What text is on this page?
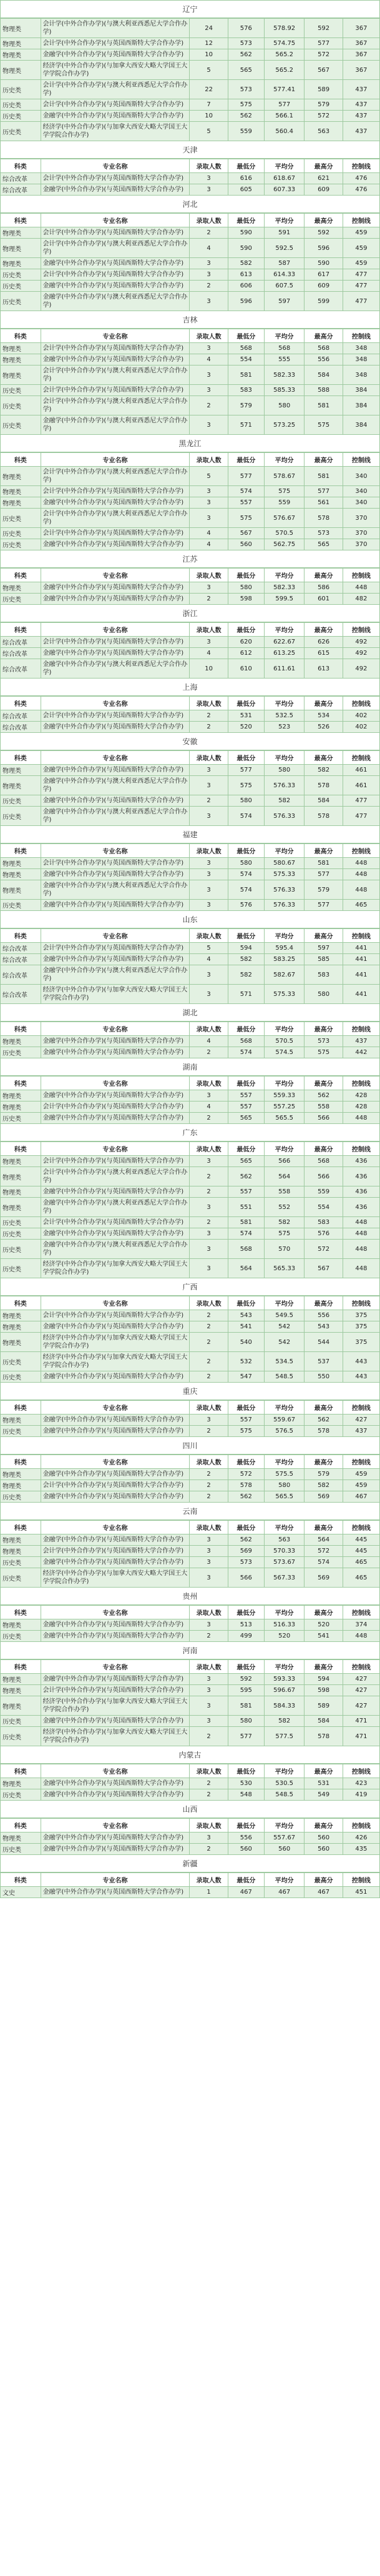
辽宁
物理类	会计学(中外合作办学)(与澳大利亚西悉尼大学合作办学)	24	576	578.92	592	367
物理类	会计学(中外合作办学)(与英国西斯特大学合作办学)	12	573	574.75	577	367
物理类	金融学(中外合作办学)(与英国西斯特大学合作办学)	10	562	565.2	572	367
物理类	经济学(中外合作办学)(与加拿大西安大略大学国王大学学院合作办学)	5	565	565.2	567	367
历史类	会计学(中外合作办学)(与澳大利亚西悉尼大学合作办学)	22	573	577.41	589	437
历史类	会计学(中外合作办学)(与英国西斯特大学合作办学)	7	575	577	579	437
历史类	金融学(中外合作办学)(与英国西斯特大学合作办学)	10	562	566.1	572	437
历史类	经济学(中外合作办学)(与加拿大西安大略大学国王大学学院合作办学)	5	559	560.4	563	437
天津
科类	专业名称	录取人数	最低分	平均分	最高分	控制线
综合改革	会计学(中外合作办学)(与英国西斯特大学合作办学)	3	616	618.67	621	476
综合改革	金融学(中外合作办学)(与英国西斯特大学合作办学)	3	605	607.33	609	476
河北
科类	专业名称	录取人数	最低分	平均分	最高分	控制线
物理类	会计学(中外合作办学)(与英国西斯特大学合作办学)	2	590	591	592	459
物理类	会计学(中外合作办学)(与澳大利亚西悉尼大学合作办学)	4	590	592.5	596	459
物理类	金融学(中外合作办学)(与英国西斯特大学合作办学)	3	582	587	590	459
历史类	会计学(中外合作办学)(与英国西斯特大学合作办学)	3	613	614.33	617	477
历史类	金融学(中外合作办学)(与英国西斯特大学合作办学)	2	606	607.5	609	477
历史类	金融学(中外合作办学)(与澳大利亚西悉尼大学合作办学)	3	596	597	599	477
吉林
科类	专业名称	录取人数	最低分	平均分	最高分	控制线
物理类	会计学(中外合作办学)(与英国西斯特大学合作办学)	3	568	568	568	348
物理类	金融学(中外合作办学)(与英国西斯特大学合作办学)	4	554	555	556	348
物理类	会计学(中外合作办学)(与澳大利亚西悉尼大学合作办学)	3	581	582.33	584	348
历史类	会计学(中外合作办学)(与英国西斯特大学合作办学)	3	583	585.33	588	384
历史类	会计学(中外合作办学)(与澳大利亚西悉尼大学合作办学)	2	579	580	581	384
历史类	金融学(中外合作办学)(与澳大利亚西悉尼大学合作办学)	3	571	573.25	575	384
黑龙江
科类	专业名称	录取人数	最低分	平均分	最高分	控制线
物理类	会计学(中外合作办学)(与澳大利亚西悉尼大学合作办学)	5	577	578.67	581	340
物理类	会计学(中外合作办学)(与英国西斯特大学合作办学)	3	574	575	577	340
物理类	金融学(中外合作办学)(与英国西斯特大学合作办学)	3	557	559	561	340
历史类	会计学(中外合作办学)(与澳大利亚西悉尼大学合作办学)	3	575	576.67	578	370
历史类	会计学(中外合作办学)(与英国西斯特大学合作办学)	4	567	570.5	573	370
历史类	金融学(中外合作办学)(与英国西斯特大学合作办学)	4	560	562.75	565	370
江苏
科类	专业名称	录取人数	最低分	平均分	最高分	控制线
物理类	金融学(中外合作办学)(与英国西斯特大学合作办学)	3	580	582.33	586	448
历史类	金融学(中外合作办学)(与英国西斯特大学合作办学)	2	598	599.5	601	482
浙江
科类	专业名称	录取人数	最低分	平均分	最高分	控制线
综合改革	会计学(中外合作办学)(与英国西斯特大学合作办学)	3	620	622.67	626	492
综合改革	金融学(中外合作办学)(与英国西斯特大学合作办学)	4	612	613.25	615	492
综合改革	金融学(中外合作办学)(与澳大利亚西悉尼大学合作办学)	10	610	611.61	613	492
上海
科类	专业名称	录取人数	最低分	平均分	最高分	控制线
综合改革	会计学(中外合作办学)(与英国西斯特大学合作办学)	2	531	532.5	534	402
综合改革	金融学(中外合作办学)(与英国西斯特大学合作办学)	2	520	523	526	402
安徽
科类	专业名称	录取人数	最低分	平均分	最高分	控制线
物理类	金融学(中外合作办学)(与英国西斯特大学合作办学)	3	577	580	582	461
物理类	金融学(中外合作办学)(与澳大利亚西悉尼大学合作办学)	3	575	576.33	578	461
历史类	金融学(中外合作办学)(与英国西斯特大学合作办学)	2	580	582	584	477
历史类	金融学(中外合作办学)(与澳大利亚西悉尼大学合作办学)	3	574	576.33	578	477
福建
科类	专业名称	录取人数	最低分	平均分	最高分	控制线
物理类	会计学(中外合作办学)(与英国西斯特大学合作办学)	3	580	580.67	581	448
物理类	金融学(中外合作办学)(与英国西斯特大学合作办学)	3	574	575.33	577	448
物理类	金融学(中外合作办学)(与澳大利亚西悉尼大学合作办学)	3	574	576.33	579	448
历史类	金融学(中外合作办学)(与英国西斯特大学合作办学)	3	576	576.33	577	465
山东
科类	专业名称	录取人数	最低分	平均分	最高分	控制线
综合改革	会计学(中外合作办学)(与英国西斯特大学合作办学)	5	594	595.4	597	441
综合改革	金融学(中外合作办学)(与英国西斯特大学合作办学)	4	582	583.25	585	441
综合改革	金融学(中外合作办学)(与澳大利亚西悉尼大学合作办学)	3	582	582.67	583	441
综合改革	经济学(中外合作办学)(与加拿大西安大略大学国王大学学院合作办学)	3	571	575.33	580	441
湖北
科类	专业名称	录取人数	最低分	平均分	最高分	控制线
物理类	金融学(中外合作办学)(与英国西斯特大学合作办学)	4	568	570.5	573	437
历史类	金融学(中外合作办学)(与英国西斯特大学合作办学)	2	574	574.5	575	442
湖南
科类	专业名称	录取人数	最低分	平均分	最高分	控制线
物理类	金融学(中外合作办学)(与英国西斯特大学合作办学)	3	557	559.33	562	428
物理类	会计学(中外合作办学)(与英国西斯特大学合作办学)	4	557	557.25	558	428
历史类	金融学(中外合作办学)(与英国西斯特大学合作办学)	2	565	565.5	566	448
广东
科类	专业名称	录取人数	最低分	平均分	最高分	控制线
物理类	会计学(中外合作办学)(与英国西斯特大学合作办学)	3	565	566	568	436
物理类	会计学(中外合作办学)(与澳大利亚西悉尼大学合作办学)	2	562	564	566	436
物理类	金融学(中外合作办学)(与英国西斯特大学合作办学)	2	557	558	559	436
物理类	金融学(中外合作办学)(与澳大利亚西悉尼大学合作办学)	3	551	552	554	436
历史类	会计学(中外合作办学)(与英国西斯特大学合作办学)	2	581	582	583	448
历史类	金融学(中外合作办学)(与英国西斯特大学合作办学)	3	574	575	576	448
历史类	金融学(中外合作办学)(与澳大利亚西悉尼大学合作办学)	3	568	570	572	448
历史类	经济学(中外合作办学)(与加拿大西安大略大学国王大学学院合作办学)	3	564	565.33	567	448
广西
科类	专业名称	录取人数	最低分	平均分	最高分	控制线
物理类	会计学(中外合作办学)(与英国西斯特大学合作办学)	2	543	549.5	556	375
物理类	金融学(中外合作办学)(与英国西斯特大学合作办学)	2	541	542	543	375
物理类	经济学(中外合作办学)(与加拿大西安大略大学国王大学学院合作办学)	2	540	542	544	375
历史类	经济学(中外合作办学)(与加拿大西安大略大学国王大学学院合作办学)	2	532	534.5	537	443
历史类	金融学(中外合作办学)(与英国西斯特大学合作办学)	2	547	548.5	550	443
重庆
科类	专业名称	录取人数	最低分	平均分	最高分	控制线
物理类	金融学(中外合作办学)(与英国西斯特大学合作办学)	3	557	559.67	562	427
历史类	金融学(中外合作办学)(与英国西斯特大学合作办学)	2	575	576.5	578	437
四川
科类	专业名称	录取人数	最低分	平均分	最高分	控制线
物理类	金融学(中外合作办学)(与英国西斯特大学合作办学)	2	572	575.5	579	459
物理类	会计学(中外合作办学)(与英国西斯特大学合作办学)	2	578	580	582	459
历史类	金融学(中外合作办学)(与英国西斯特大学合作办学)	2	562	565.5	569	467
云南
科类	专业名称	录取人数	最低分	平均分	最高分	控制线
物理类	金融学(中外合作办学)(与英国西斯特大学合作办学)	3	562	563	564	445
物理类	会计学(中外合作办学)(与英国西斯特大学合作办学)	3	569	570.33	572	445
历史类	金融学(中外合作办学)(与英国西斯特大学合作办学)	3	573	573.67	574	465
历史类	经济学(中外合作办学)(与加拿大西安大略大学国王大学学院合作办学)	3	566	567.33	569	465
贵州
科类	专业名称	录取人数	最低分	平均分	最高分	控制线
物理类	金融学(中外合作办学)(与英国西斯特大学合作办学)	3	513	516.33	520	374
历史类	金融学(中外合作办学)(与英国西斯特大学合作办学)	2	499	520	541	448
河南
科类	专业名称	录取人数	最低分	平均分	最高分	控制线
物理类	金融学(中外合作办学)(与英国西斯特大学合作办学)	3	592	593.33	594	427
物理类	会计学(中外合作办学)(与英国西斯特大学合作办学)	3	595	596.67	598	427
物理类	经济学(中外合作办学)(与加拿大西安大略大学国王大学学院合作办学)	3	581	584.33	589	427
历史类	金融学(中外合作办学)(与英国西斯特大学合作办学)	3	580	582	584	471
历史类	经济学(中外合作办学)(与加拿大西安大略大学国王大学学院合作办学)	2	577	577.5	578	471
内蒙古
科类	专业名称	录取人数	最低分	平均分	最高分	控制线
物理类	金融学(中外合作办学)(与英国西斯特大学合作办学)	2	530	530.5	531	423
历史类	金融学(中外合作办学)(与英国西斯特大学合作办学)	2	548	548.5	549	419
山西
科类	专业名称	录取人数	最低分	平均分	最高分	控制线
物理类	金融学(中外合作办学)(与英国西斯特大学合作办学)	3	556	557.67	560	426
历史类	金融学(中外合作办学)(与英国西斯特大学合作办学)	2	560	560	560	435
新疆
科类	专业名称	录取人数	最低分	平均分	最高分	控制线
文史	金融学(中外合作办学)(与英国西斯特大学合作办学)	1	467	467	467	451
